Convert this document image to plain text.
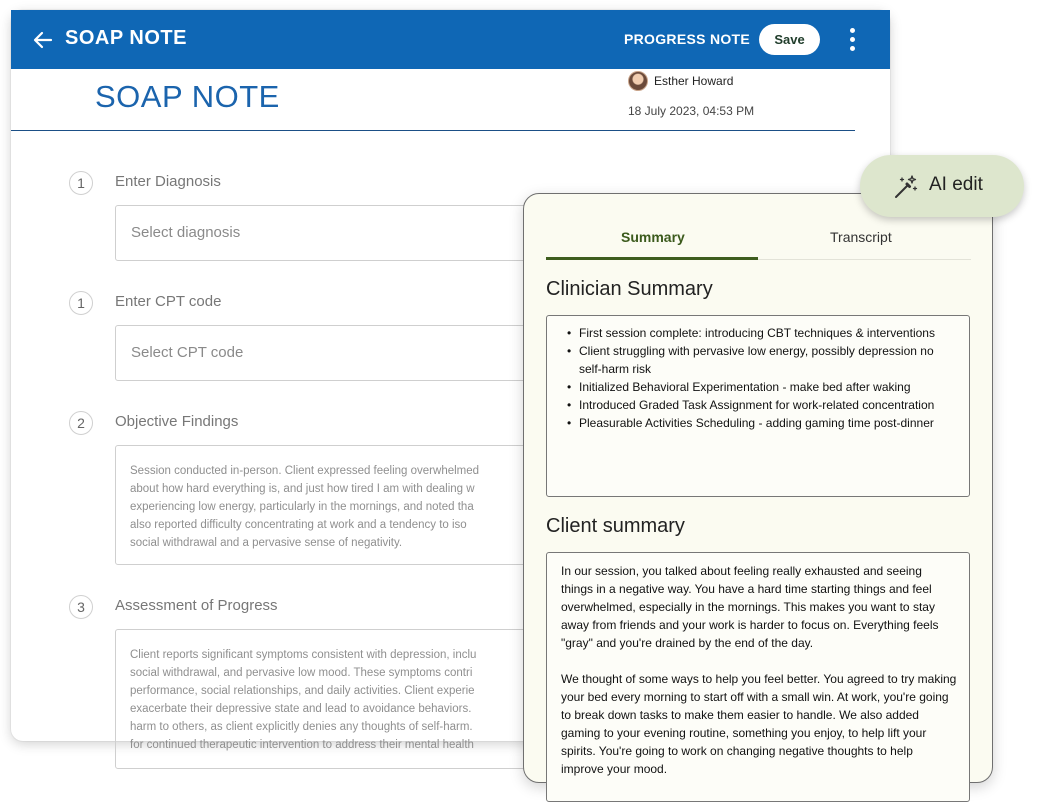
SOAP NOTE	PROGRESS NOTE	Save
SOAP NOTE	Esther Howard
18 July 2023, 04:53 PM
1	Enter Diagnosis
Select diagnosis
1	Enter CPT code
Select CPT code
2	Objective Findings
Session conducted in-person. Client expressed feeling overwhelmed
about how hard everything is, and just how tired I am with dealing w
experiencing low energy, particularly in the mornings, and noted tha
also reported difficulty concentrating at work and a tendency to iso
social withdrawal and a pervasive sense of negativity.
3	Assessment of Progress
Client reports significant symptoms consistent with depression, inclu
social withdrawal, and pervasive low mood. These symptoms contri
performance, social relationships, and daily activities. Client experie
exacerbate their depressive state and lead to avoidance behaviors.
harm to others, as client explicitly denies any thoughts of self-harm.
for continued therapeutic intervention to address their mental health
Summary	Transcript
Clinician Summary
• First session complete: introducing CBT techniques & interventions
• Client struggling with pervasive low energy, possibly depression no self-harm risk
• Initialized Behavioral Experimentation - make bed after waking
• Introduced Graded Task Assignment for work-related concentration
• Pleasurable Activities Scheduling - adding gaming time post-dinner
Client summary
In our session, you talked about feeling really exhausted and seeing things in a negative way. You have a hard time starting things and feel overwhelmed, especially in the mornings. This makes you want to stay away from friends and your work is harder to focus on. Everything feels "gray" and you're drained by the end of the day.

We thought of some ways to help you feel better. You agreed to try making your bed every morning to start off with a small win. At work, you're going to break down tasks to make them easier to handle. We also added gaming to your evening routine, something you enjoy, to help lift your spirits. You're going to work on changing negative thoughts to help improve your mood.
AI edit
